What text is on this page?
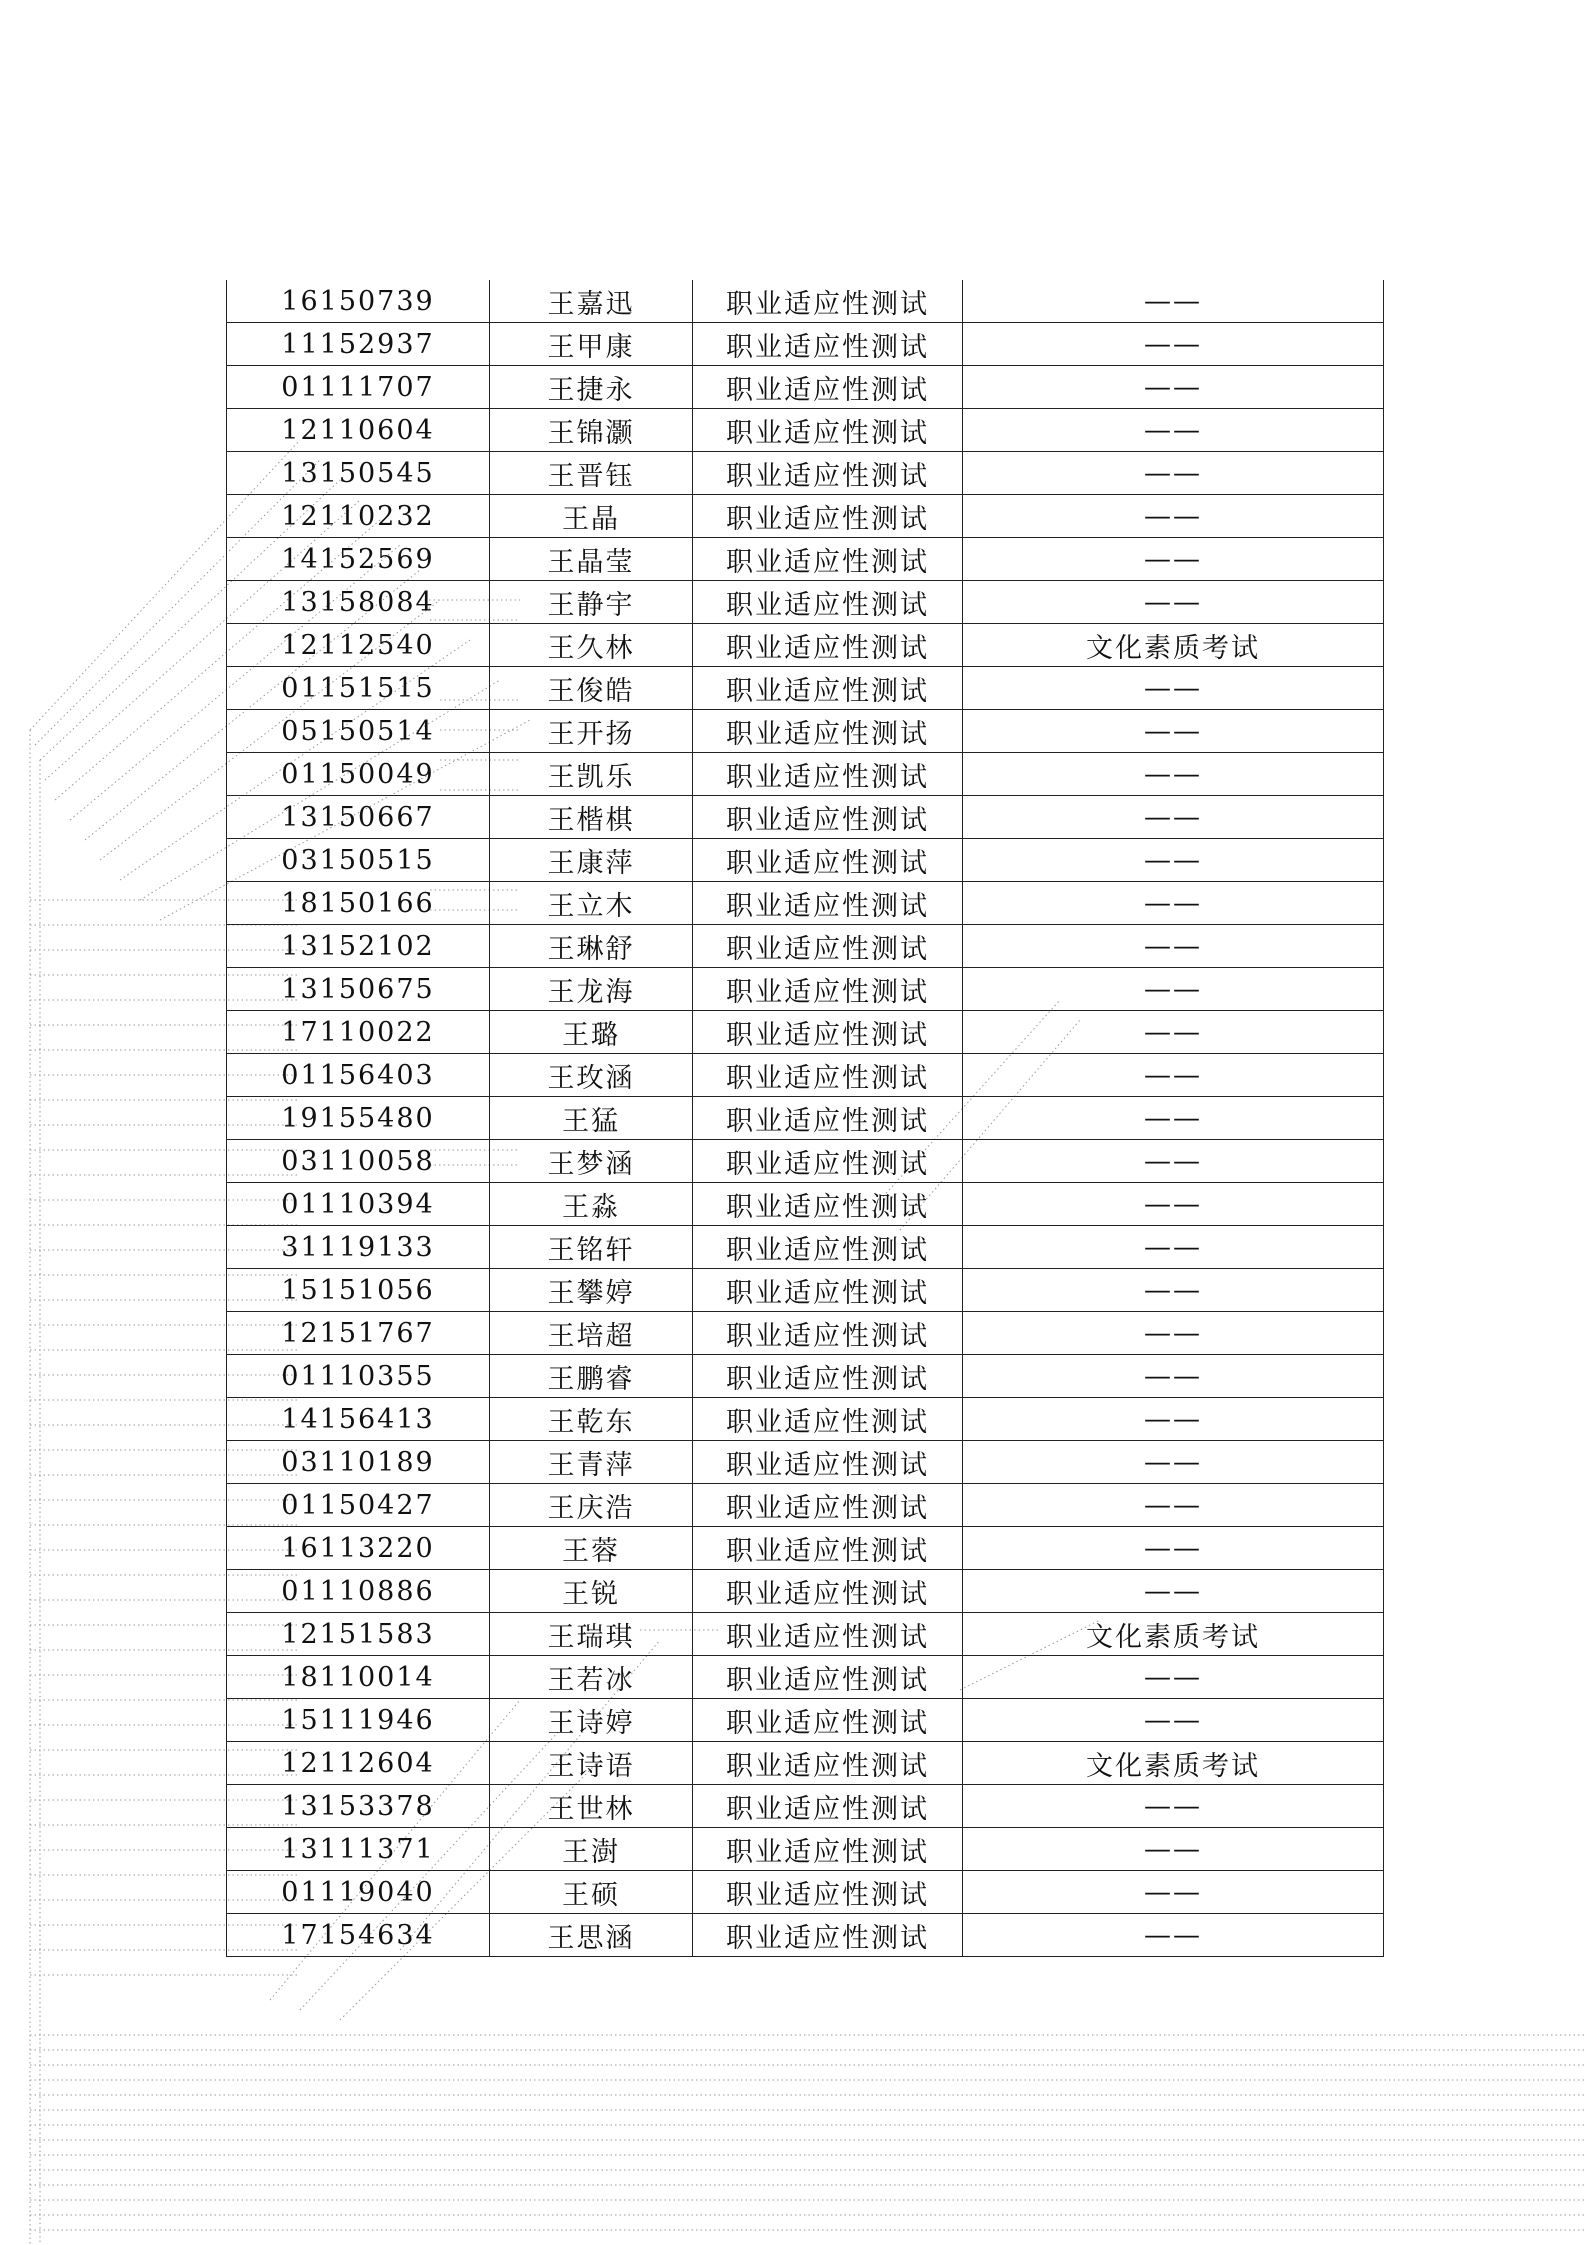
16150739	王嘉迅	职业适应性测试	——
11152937	王甲康	职业适应性测试	——
01111707	王捷永	职业适应性测试	——
12110604	王锦灏	职业适应性测试	——
13150545	王晋钰	职业适应性测试	——
12110232	王晶	职业适应性测试	——
14152569	王晶莹	职业适应性测试	——
13158084	王静宇	职业适应性测试	——
12112540	王久林	职业适应性测试	文化素质考试
01151515	王俊皓	职业适应性测试	——
05150514	王开扬	职业适应性测试	——
01150049	王凯乐	职业适应性测试	——
13150667	王楷棋	职业适应性测试	——
03150515	王康萍	职业适应性测试	——
18150166	王立木	职业适应性测试	——
13152102	王琳舒	职业适应性测试	——
13150675	王龙海	职业适应性测试	——
17110022	王璐	职业适应性测试	——
01156403	王玫涵	职业适应性测试	——
19155480	王猛	职业适应性测试	——
03110058	王梦涵	职业适应性测试	——
01110394	王淼	职业适应性测试	——
31119133	王铭轩	职业适应性测试	——
15151056	王攀婷	职业适应性测试	——
12151767	王培超	职业适应性测试	——
01110355	王鹏睿	职业适应性测试	——
14156413	王乾东	职业适应性测试	——
03110189	王青萍	职业适应性测试	——
01150427	王庆浩	职业适应性测试	——
16113220	王蓉	职业适应性测试	——
01110886	王锐	职业适应性测试	——
12151583	王瑞琪	职业适应性测试	文化素质考试
18110014	王若冰	职业适应性测试	——
15111946	王诗婷	职业适应性测试	——
12112604	王诗语	职业适应性测试	文化素质考试
13153378	王世林	职业适应性测试	——
13111371	王澍	职业适应性测试	——
01119040	王硕	职业适应性测试	——
17154634	王思涵	职业适应性测试	——
